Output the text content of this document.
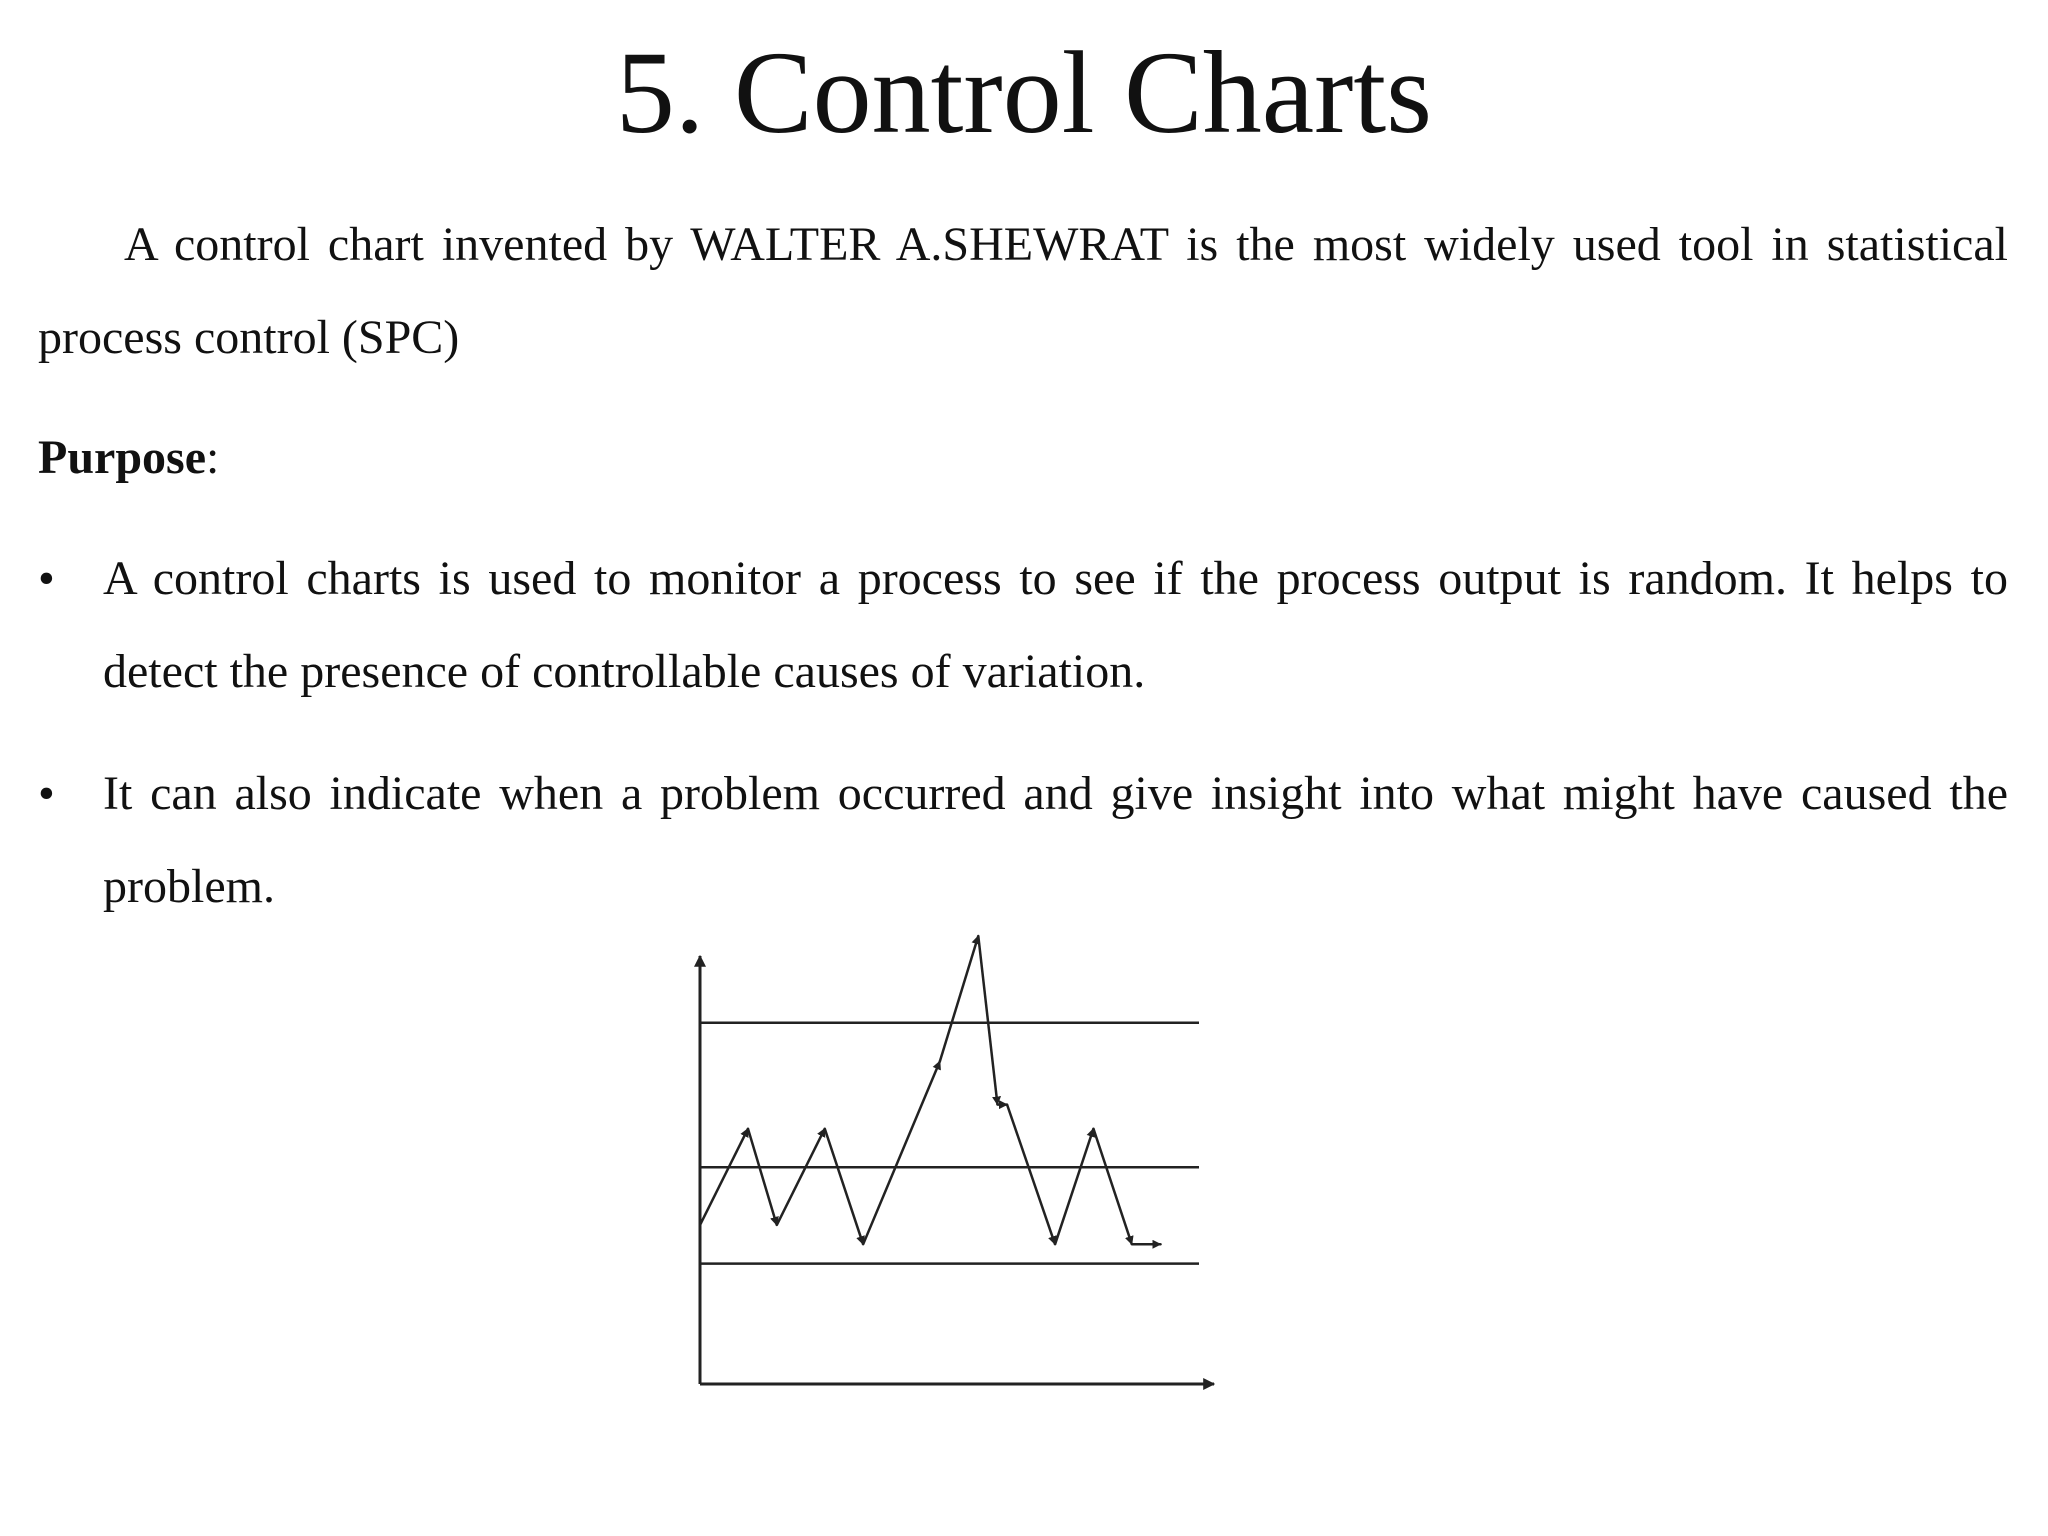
5. Control Charts
A control chart invented by WALTER A.SHEWRAT is the most widely used tool in statistical process control (SPC)
Purpose:
• A control charts is used to monitor a process to see if the process output is random. It helps to detect the presence of controllable causes of variation.
• It can also indicate when a problem occurred and give insight into what might have caused the problem.
